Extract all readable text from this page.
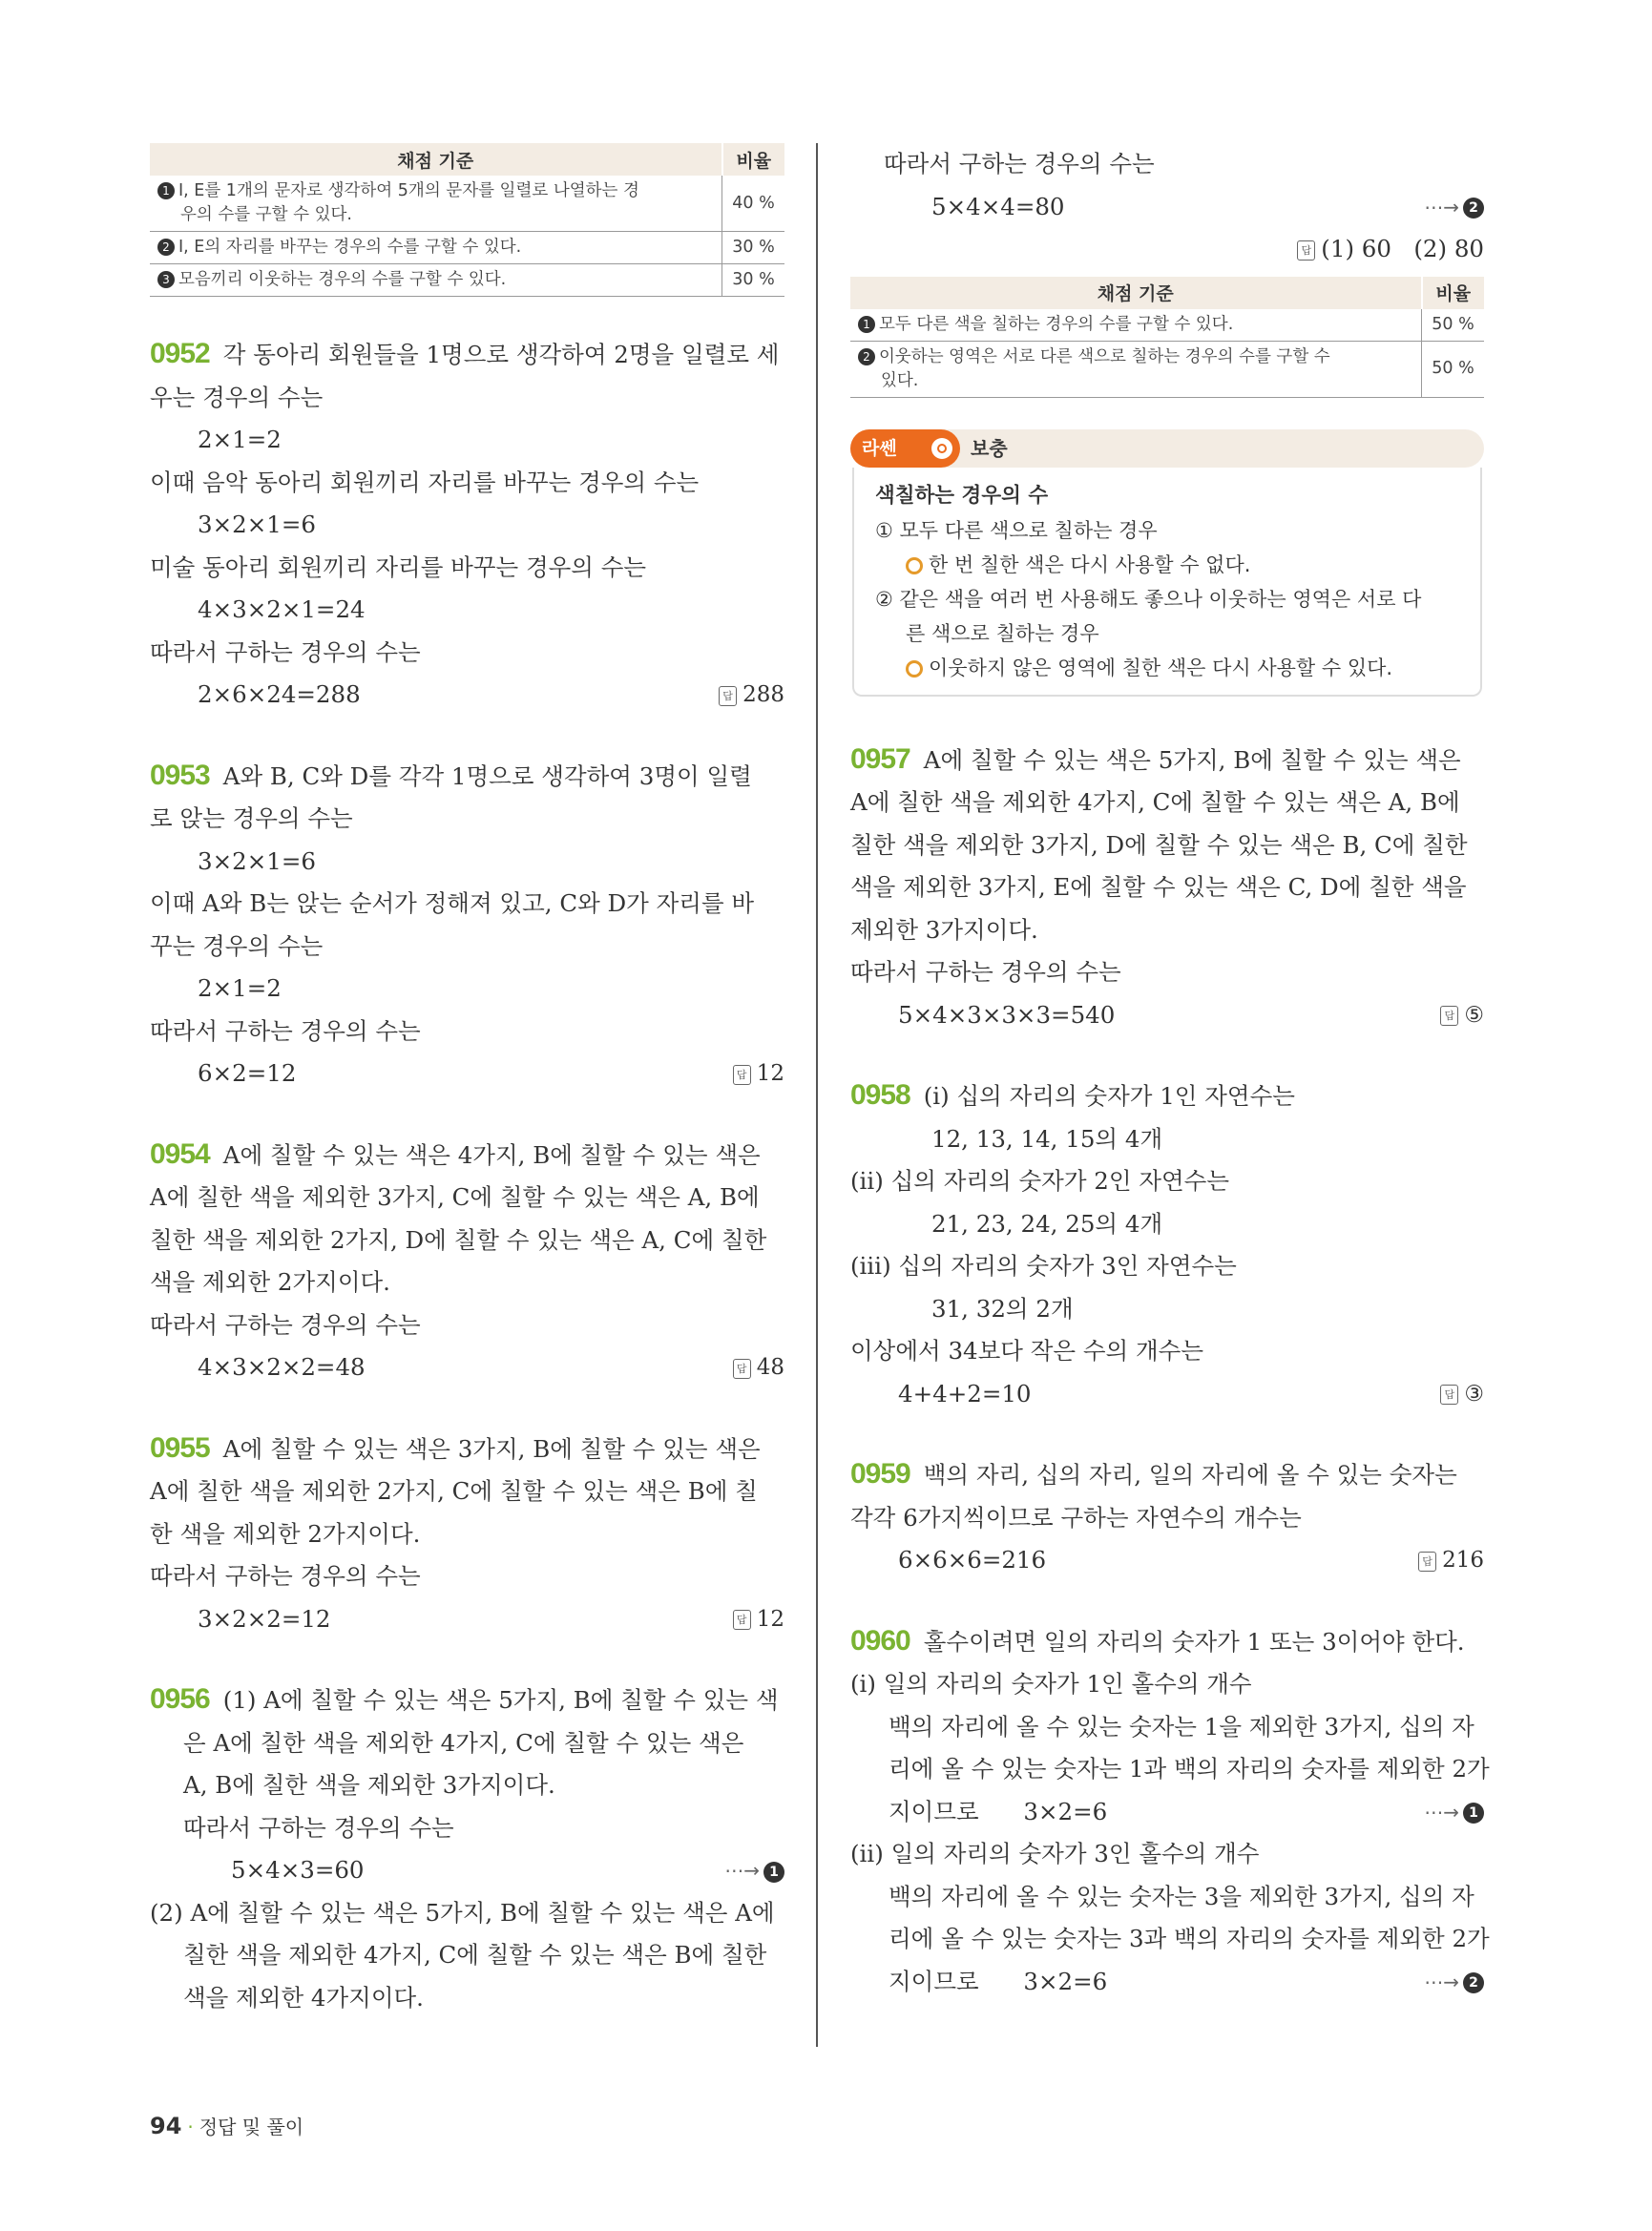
채점 기준	비율
1 I, E를 1개의 문자로 생각하여 5개의 문자를 일렬로 나열하는 경
우의 수를 구할 수 있다.	40 %
2 I, E의 자리를 바꾸는 경우의 수를 구할 수 있다.	30 %
3 모음끼리 이웃하는 경우의 수를 구할 수 있다.	30 %
0952 각 동아리 회원들을 1명으로 생각하여 2명을 일렬로 세
우는 경우의 수는
2×1=2
이때 음악 동아리 회원끼리 자리를 바꾸는 경우의 수는
3×2×1=6
미술 동아리 회원끼리 자리를 바꾸는 경우의 수는
4×3×2×1=24
따라서 구하는 경우의 수는
2×6×24=288	답 288
0953 A와 B, C와 D를 각각 1명으로 생각하여 3명이 일렬
로 앉는 경우의 수는
3×2×1=6
이때 A와 B는 앉는 순서가 정해져 있고, C와 D가 자리를 바
꾸는 경우의 수는
2×1=2
따라서 구하는 경우의 수는
6×2=12	답 12
0954 A에 칠할 수 있는 색은 4가지, B에 칠할 수 있는 색은
A에 칠한 색을 제외한 3가지, C에 칠할 수 있는 색은 A, B에
칠한 색을 제외한 2가지, D에 칠할 수 있는 색은 A, C에 칠한
색을 제외한 2가지이다.
따라서 구하는 경우의 수는
4×3×2×2=48	답 48
0955 A에 칠할 수 있는 색은 3가지, B에 칠할 수 있는 색은
A에 칠한 색을 제외한 2가지, C에 칠할 수 있는 색은 B에 칠
한 색을 제외한 2가지이다.
따라서 구하는 경우의 수는
3×2×2=12	답 12
0956 (1) A에 칠할 수 있는 색은 5가지, B에 칠할 수 있는 색
은 A에 칠한 색을 제외한 4가지, C에 칠할 수 있는 색은
A, B에 칠한 색을 제외한 3가지이다.
따라서 구하는 경우의 수는
5×4×3=60	⋯→ 1
(2) A에 칠할 수 있는 색은 5가지, B에 칠할 수 있는 색은 A에
칠한 색을 제외한 4가지, C에 칠할 수 있는 색은 B에 칠한
색을 제외한 4가지이다.
따라서 구하는 경우의 수는
5×4×4=80	⋯→ 2
답 (1) 60   (2) 80
채점 기준	비율
1 모두 다른 색을 칠하는 경우의 수를 구할 수 있다.	50 %
2 이웃하는 영역은 서로 다른 색으로 칠하는 경우의 수를 구할 수
있다.	50 %
라쎈	보충
색칠하는 경우의 수
① 모두 다른 색으로 칠하는 경우
한 번 칠한 색은 다시 사용할 수 없다.
② 같은 색을 여러 번 사용해도 좋으나 이웃하는 영역은 서로 다
른 색으로 칠하는 경우
이웃하지 않은 영역에 칠한 색은 다시 사용할 수 있다.
0957 A에 칠할 수 있는 색은 5가지, B에 칠할 수 있는 색은
A에 칠한 색을 제외한 4가지, C에 칠할 수 있는 색은 A, B에
칠한 색을 제외한 3가지, D에 칠할 수 있는 색은 B, C에 칠한
색을 제외한 3가지, E에 칠할 수 있는 색은 C, D에 칠한 색을
제외한 3가지이다.
따라서 구하는 경우의 수는
5×4×3×3×3=540	답 ⑤
0958 (ⅰ) 십의 자리의 숫자가 1인 자연수는
12, 13, 14, 15의 4개
(ⅱ) 십의 자리의 숫자가 2인 자연수는
21, 23, 24, 25의 4개
(ⅲ) 십의 자리의 숫자가 3인 자연수는
31, 32의 2개
이상에서 34보다 작은 수의 개수는
4+4+2=10	답 ③
0959 백의 자리, 십의 자리, 일의 자리에 올 수 있는 숫자는
각각 6가지씩이므로 구하는 자연수의 개수는
6×6×6=216	답 216
0960 홀수이려면 일의 자리의 숫자가 1 또는 3이어야 한다.
(ⅰ) 일의 자리의 숫자가 1인 홀수의 개수
백의 자리에 올 수 있는 숫자는 1을 제외한 3가지, 십의 자
리에 올 수 있는 숫자는 1과 백의 자리의 숫자를 제외한 2가
지이므로      3×2=6	⋯→ 1
(ⅱ) 일의 자리의 숫자가 3인 홀수의 개수
백의 자리에 올 수 있는 숫자는 3을 제외한 3가지, 십의 자
리에 올 수 있는 숫자는 3과 백의 자리의 숫자를 제외한 2가
지이므로      3×2=6	⋯→ 2
94 · 정답 및 풀이
